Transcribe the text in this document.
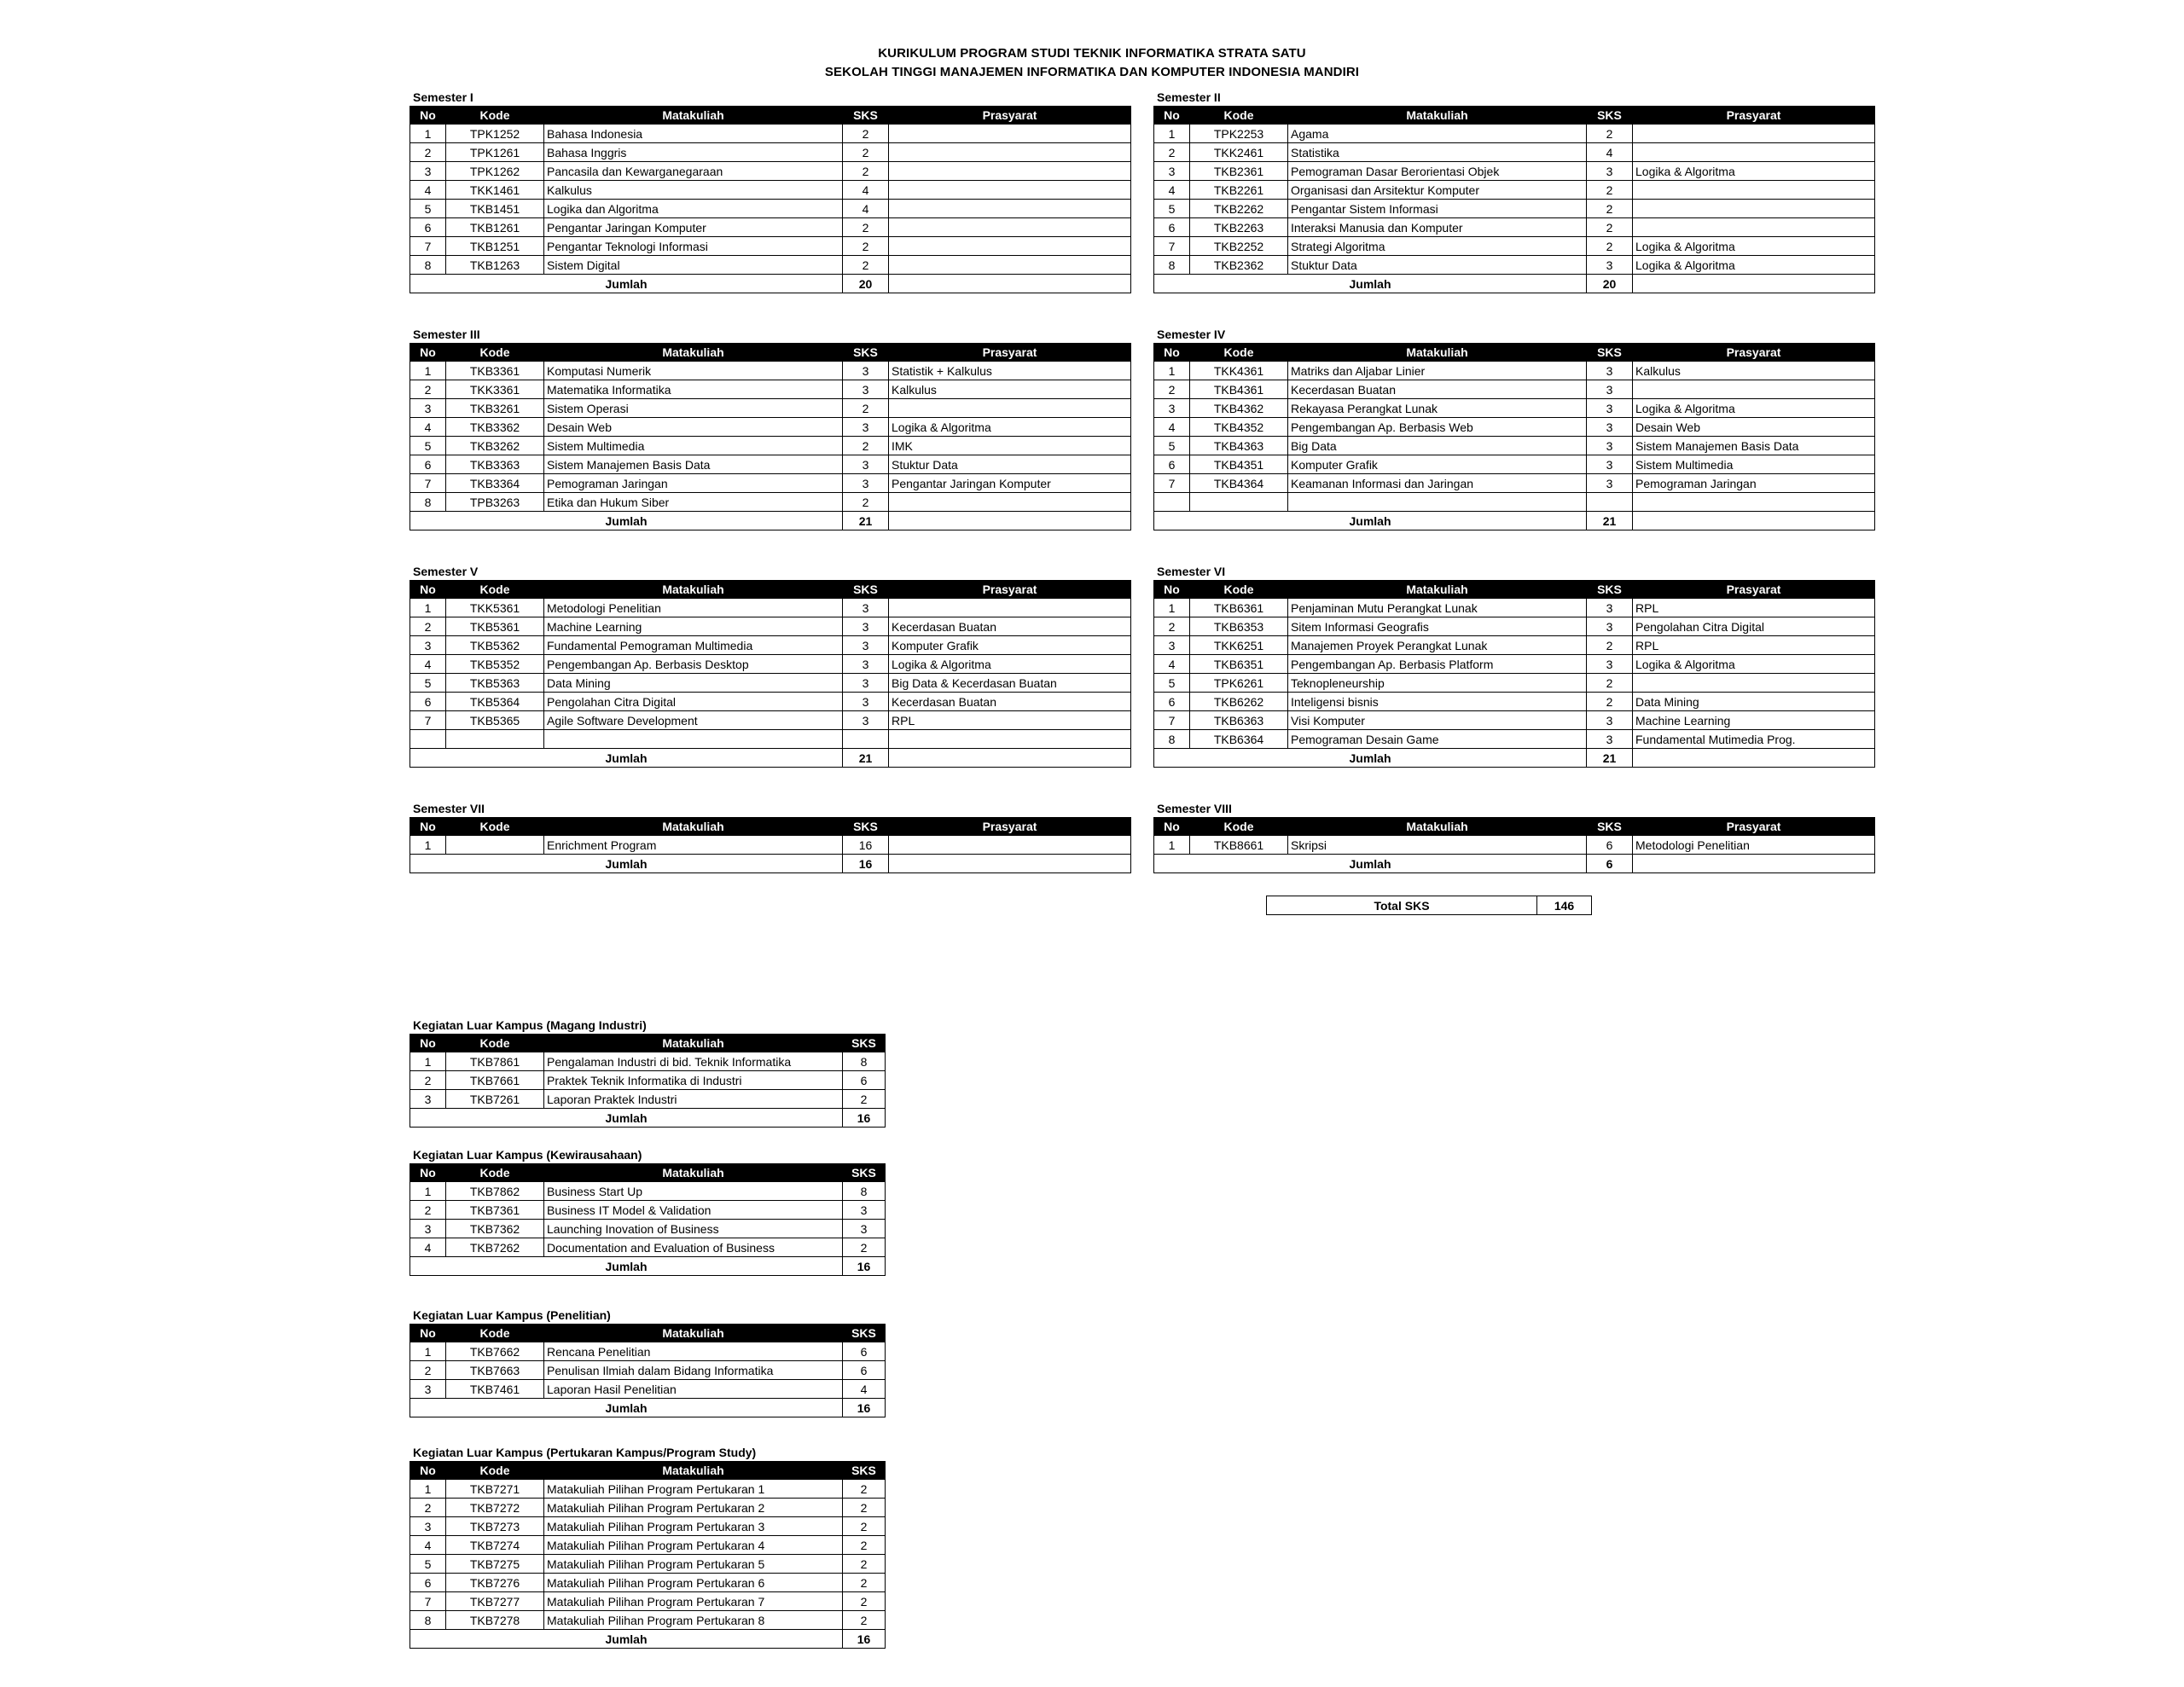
KURIKULUM PROGRAM STUDI TEKNIK INFORMATIKA STRATA SATU
SEKOLAH TINGGI MANAJEMEN INFORMATIKA DAN KOMPUTER INDONESIA MANDIRI
Semester I
No	Kode	Matakuliah	SKS	Prasyarat
1	TPK1252	Bahasa Indonesia	2	
2	TPK1261	Bahasa Inggris	2	
3	TPK1262	Pancasila dan Kewarganegaraan	2	
4	TKK1461	Kalkulus	4	
5	TKB1451	Logika dan Algoritma	4	
6	TKB1261	Pengantar Jaringan Komputer	2	
7	TKB1251	Pengantar Teknologi Informasi	2	
8	TKB1263	Sistem Digital	2	
Jumlah			20	
Semester II
No	Kode	Matakuliah	SKS	Prasyarat
1	TPK2253	Agama	2	
2	TKK2461	Statistika	4	
3	TKB2361	Pemograman Dasar Berorientasi Objek	3	Logika & Algoritma
4	TKB2261	Organisasi dan Arsitektur Komputer	2	
5	TKB2262	Pengantar Sistem Informasi	2	
6	TKB2263	Interaksi Manusia dan Komputer	2	
7	TKB2252	Strategi Algoritma	2	Logika & Algoritma
8	TKB2362	Stuktur Data	3	Logika & Algoritma
Jumlah			20	
Semester III
No	Kode	Matakuliah	SKS	Prasyarat
1	TKB3361	Komputasi Numerik	3	Statistik + Kalkulus
2	TKK3361	Matematika Informatika	3	Kalkulus
3	TKB3261	Sistem Operasi	2	
4	TKB3362	Desain Web	3	Logika & Algoritma
5	TKB3262	Sistem Multimedia	2	IMK
6	TKB3363	Sistem Manajemen Basis Data	3	Stuktur Data
7	TKB3364	Pemograman Jaringan	3	Pengantar Jaringan Komputer
8	TPB3263	Etika dan Hukum Siber	2	
Jumlah			21	
Semester IV
No	Kode	Matakuliah	SKS	Prasyarat
1	TKK4361	Matriks dan Aljabar Linier	3	Kalkulus
2	TKB4361	Kecerdasan Buatan	3	
3	TKB4362	Rekayasa Perangkat Lunak	3	Logika & Algoritma
4	TKB4352	Pengembangan Ap. Berbasis Web	3	Desain Web
5	TKB4363	Big Data	3	Sistem Manajemen Basis Data
6	TKB4351	Komputer Grafik	3	Sistem Multimedia
7	TKB4364	Keamanan Informasi dan Jaringan	3	Pemograman Jaringan

Jumlah			21	
Semester V
No	Kode	Matakuliah	SKS	Prasyarat
1	TKK5361	Metodologi Penelitian	3	
2	TKB5361	Machine Learning	3	Kecerdasan Buatan
3	TKB5362	Fundamental Pemograman Multimedia	3	Komputer Grafik
4	TKB5352	Pengembangan Ap. Berbasis Desktop	3	Logika & Algoritma
5	TKB5363	Data Mining	3	Big Data & Kecerdasan Buatan
6	TKB5364	Pengolahan Citra Digital	3	Kecerdasan Buatan
7	TKB5365	Agile Software Development	3	RPL

Jumlah			21	
Semester VI
No	Kode	Matakuliah	SKS	Prasyarat
1	TKB6361	Penjaminan Mutu Perangkat Lunak	3	RPL
2	TKB6353	Sitem Informasi Geografis	3	Pengolahan Citra Digital
3	TKK6251	Manajemen Proyek Perangkat Lunak	2	RPL
4	TKB6351	Pengembangan Ap. Berbasis Platform	3	Logika & Algoritma
5	TPK6261	Teknopleneurship	2	
6	TKB6262	Inteligensi bisnis	2	Data Mining
7	TKB6363	Visi Komputer	3	Machine Learning
8	TKB6364	Pemograman Desain Game	3	Fundamental Mutimedia Prog.
Jumlah			21	
Semester VII
No	Kode	Matakuliah	SKS	Prasyarat
1		Enrichment Program	16	
Jumlah			16	
Semester VIII
No	Kode	Matakuliah	SKS	Prasyarat
1	TKB8661	Skripsi	6	Metodologi Penelitian
Jumlah			6	
Total SKS	146
Kegiatan Luar Kampus (Magang Industri)
No	Kode	Matakuliah	SKS
1	TKB7861	Pengalaman Industri di bid. Teknik Informatika	8
2	TKB7661	Praktek Teknik Informatika di Industri	6
3	TKB7261	Laporan Praktek Industri	2
Jumlah			16
Kegiatan Luar Kampus (Kewirausahaan)
No	Kode	Matakuliah	SKS
1	TKB7862	Business Start Up	8
2	TKB7361	Business IT Model & Validation	3
3	TKB7362	Launching Inovation of Business	3
4	TKB7262	Documentation and Evaluation of Business	2
Jumlah			16
Kegiatan Luar Kampus (Penelitian)
No	Kode	Matakuliah	SKS
1	TKB7662	Rencana Penelitian	6
2	TKB7663	Penulisan Ilmiah dalam Bidang Informatika	6
3	TKB7461	Laporan Hasil Penelitian	4
Jumlah			16
Kegiatan Luar Kampus (Pertukaran Kampus/Program Study)
No	Kode	Matakuliah	SKS
1	TKB7271	Matakuliah Pilihan Program Pertukaran 1	2
2	TKB7272	Matakuliah Pilihan Program Pertukaran 2	2
3	TKB7273	Matakuliah Pilihan Program Pertukaran 3	2
4	TKB7274	Matakuliah Pilihan Program Pertukaran 4	2
5	TKB7275	Matakuliah Pilihan Program Pertukaran 5	2
6	TKB7276	Matakuliah Pilihan Program Pertukaran 6	2
7	TKB7277	Matakuliah Pilihan Program Pertukaran 7	2
8	TKB7278	Matakuliah Pilihan Program Pertukaran 8	2
Jumlah			16
